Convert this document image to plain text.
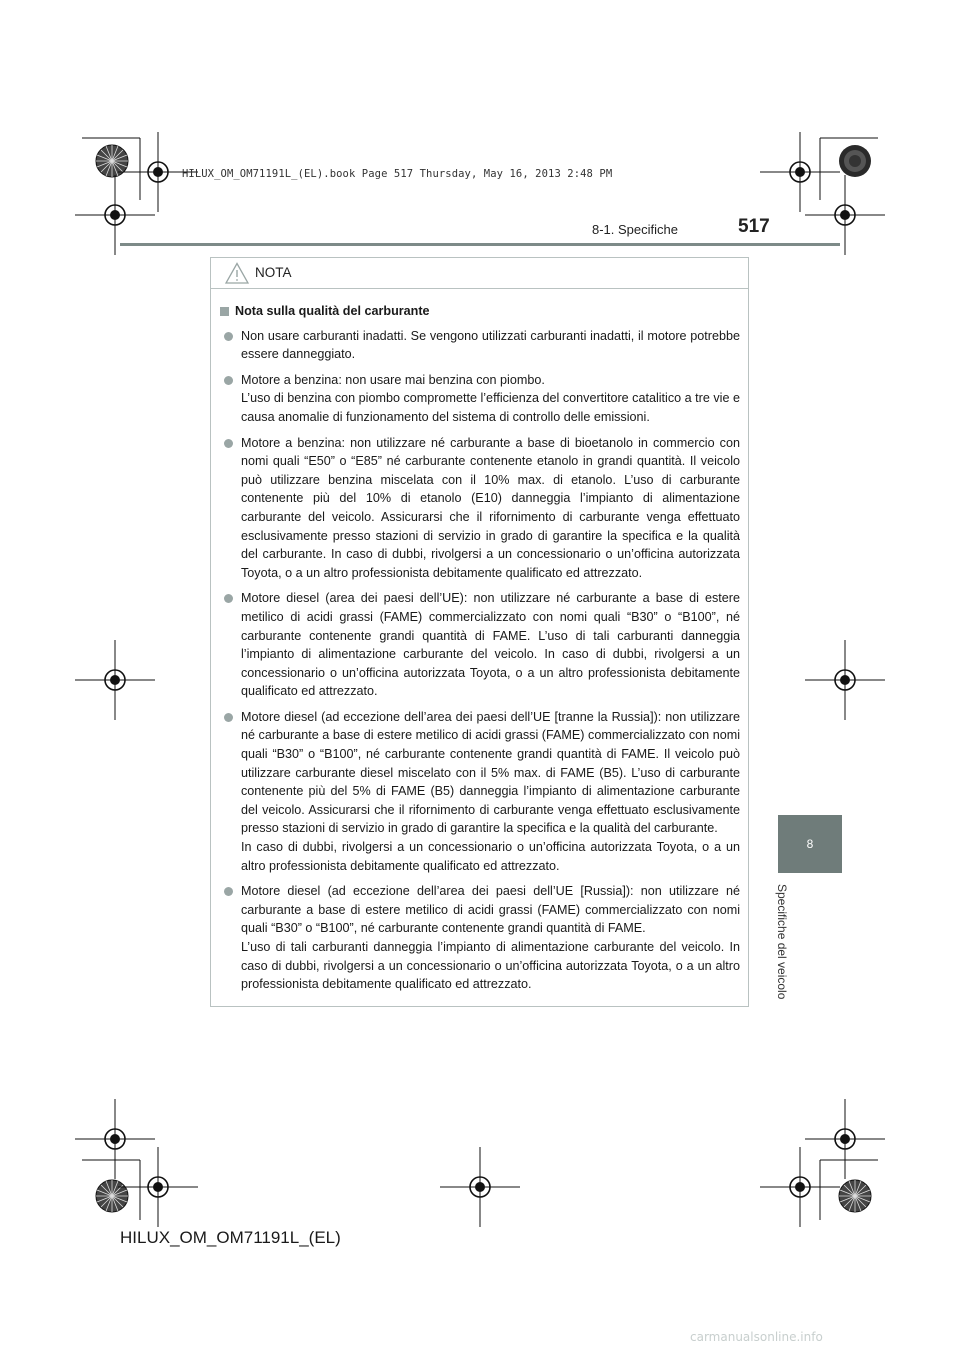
HILUX_OM_OM71191L_(EL).book Page 517 Thursday, May 16, 2013 2:48 PM
517
8-1. Specifiche
8
Specifiche del veicolo
NOTA
Nota sulla qualità del carburante

Non usare carburanti inadatti. Se vengono utilizzati carburanti inadatti, il motore potrebbe essere danneggiato.

Motore a benzina: non usare mai benzina con piombo.

L’uso di benzina con piombo compromette l’efficienza del convertitore catalitico a tre vie e causa anomalie di funzionamento del sistema di controllo delle emissioni.

Motore a benzina: non utilizzare né carburante a base di bioetanolo in commercio con nomi quali “E50” o “E85” né carburante contenente etanolo in grandi quantità. Il veicolo può utilizzare benzina miscelata con il 10% max. di etanolo. L’uso di carburante contenente più del 10% di etanolo (E10) danneggia l’impianto di alimentazione carburante del veicolo. Assicurarsi che il rifornimento di carburante venga effettuato esclusivamente presso stazioni di servizio in grado di garantire la specifica e la qualità del carburante. In caso di dubbi, rivolgersi a un concessionario o un’officina autorizzata Toyota, o a un altro professionista debitamente qualificato ed attrezzato.

Motore diesel (area dei paesi dell’UE): non utilizzare né carburante a base di estere metilico di acidi grassi (FAME) commercializzato con nomi quali “B30” o “B100”, né carburante contenente grandi quantità di FAME. L’uso di tali carburanti danneggia l’impianto di alimentazione carburante del veicolo. In caso di dubbi, rivolgersi a un concessionario o un’officina autorizzata Toyota, o a un altro professionista debitamente qualificato ed attrezzato.

Motore diesel (ad eccezione dell’area dei paesi dell’UE [tranne la Russia]): non utilizzare né carburante a base di estere metilico di acidi grassi (FAME) commercializzato con nomi quali “B30” o “B100”, né carburante contenente grandi quantità di FAME. Il veicolo può utilizzare carburante diesel miscelato con il 5% max. di FAME (B5). L’uso di carburante contenente più del 5% di FAME (B5) danneggia l’impianto di alimentazione carburante del veicolo. Assicurarsi che il rifornimento di carburante venga effettuato esclusivamente presso stazioni di servizio in grado di garantire la specifica e la qualità del carburante.

In caso di dubbi, rivolgersi a un concessionario o un’officina autorizzata Toyota, o a un altro professionista debitamente qualificato ed attrezzato.

Motore diesel (ad eccezione dell’area dei paesi dell’UE [Russia]): non utilizzare né carburante a base di estere metilico di acidi grassi (FAME) commercializzato con nomi quali “B30” o “B100”, né carburante contenente grandi quantità di FAME.

L’uso di tali carburanti danneggia l’impianto di alimentazione carburante del veicolo. In caso di dubbi, rivolgersi a un concessionario o un’officina autorizzata Toyota, o a un altro professionista debitamente qualificato ed attrezzato.

HILUX_OM_OM71191L_(EL)
carmanualsonline.info
